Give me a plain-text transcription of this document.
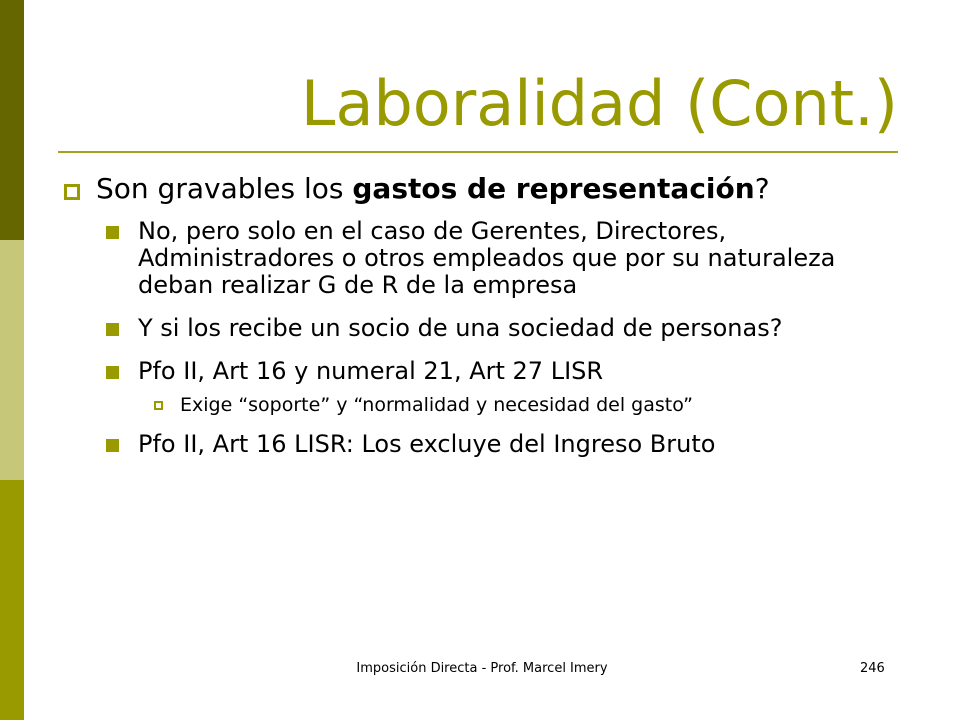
Laboralidad (Cont.)

Son gravables los gastos de representación?

No, pero solo en el caso de Gerentes, Directores, Administradores o otros empleados que por su naturaleza deban realizar G de R de la empresa

Y si los recibe un socio de una sociedad de personas?

Pfo II, Art 16 y numeral 21, Art 27 LISR

Exige “soporte” y “normalidad y necesidad del gasto”

Pfo II, Art 16 LISR: Los excluye del Ingreso Bruto

Imposición Directa - Prof. Marcel Imery	246
